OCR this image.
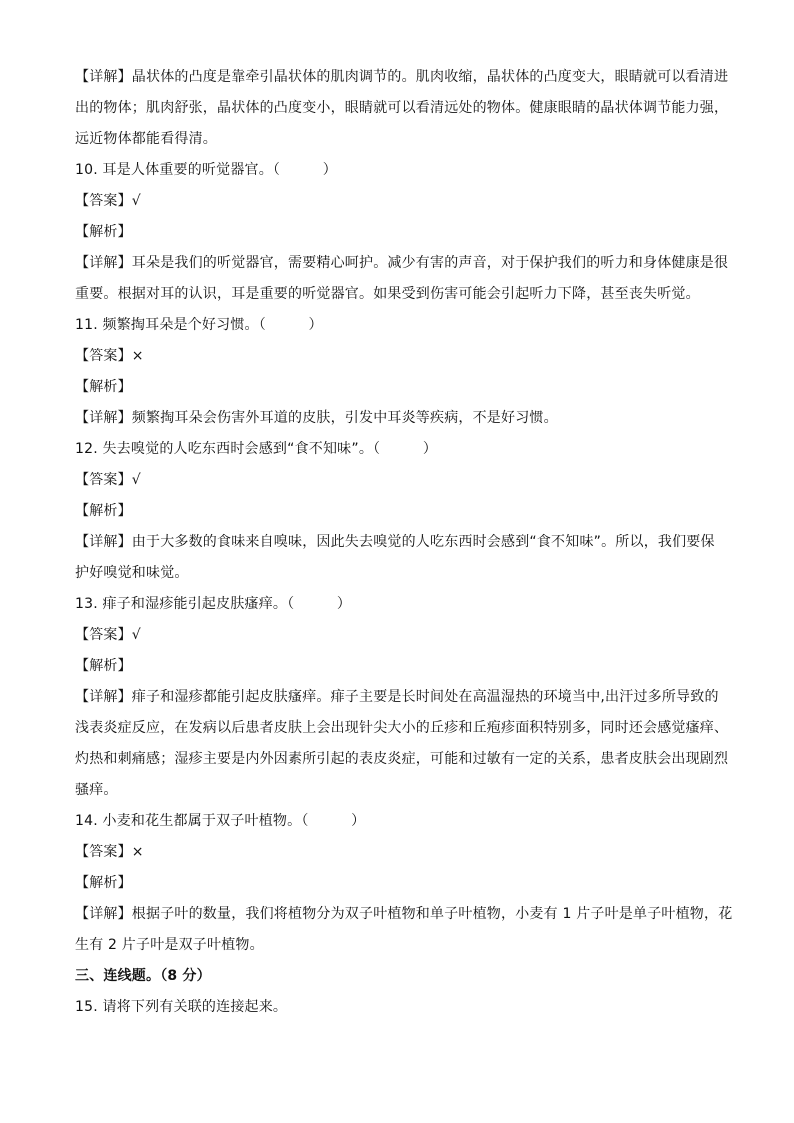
【详解】晶状体的凸度是靠牵引晶状体的肌肉调节的。肌肉收缩，晶状体的凸度变大，眼睛就可以看清进
出的物体；肌肉舒张，晶状体的凸度变小，眼睛就可以看清远处的物体。健康眼睛的晶状体调节能力强，
远近物体都能看得清。
10. 耳是人体重要的听觉器官。（　　　）
【答案】√
【解析】
【详解】耳朵是我们的听觉器官，需要精心呵护。减少有害的声音，对于保护我们的听力和身体健康是很
重要。根据对耳的认识，耳是重要的听觉器官。如果受到伤害可能会引起听力下降，甚至丧失听觉。
11. 频繁掏耳朵是个好习惯。（　　　）
【答案】×
【解析】
【详解】频繁掏耳朵会伤害外耳道的皮肤，引发中耳炎等疾病，不是好习惯。
12. 失去嗅觉的人吃东西时会感到“食不知味”。（　　　）
【答案】√
【解析】
【详解】由于大多数的食味来自嗅味，因此失去嗅觉的人吃东西时会感到“食不知味”。所以，我们要保
护好嗅觉和味觉。
13. 痱子和湿疹能引起皮肤瘙痒。（　　　）
【答案】√
【解析】
【详解】痱子和湿疹都能引起皮肤瘙痒。痱子主要是长时间处在高温湿热的环境当中,出汗过多所导致的
浅表炎症反应，在发病以后患者皮肤上会出现针尖大小的丘疹和丘疱疹面积特别多，同时还会感觉瘙痒、
灼热和刺痛感；湿疹主要是内外因素所引起的表皮炎症，可能和过敏有一定的关系，患者皮肤会出现剧烈
骚痒。
14. 小麦和花生都属于双子叶植物。（　　　）
【答案】×
【解析】
【详解】根据子叶的数量，我们将植物分为双子叶植物和单子叶植物，小麦有 1 片子叶是单子叶植物，花
生有 2 片子叶是双子叶植物。
三、连线题。（8 分）
15. 请将下列有关联的连接起来。
